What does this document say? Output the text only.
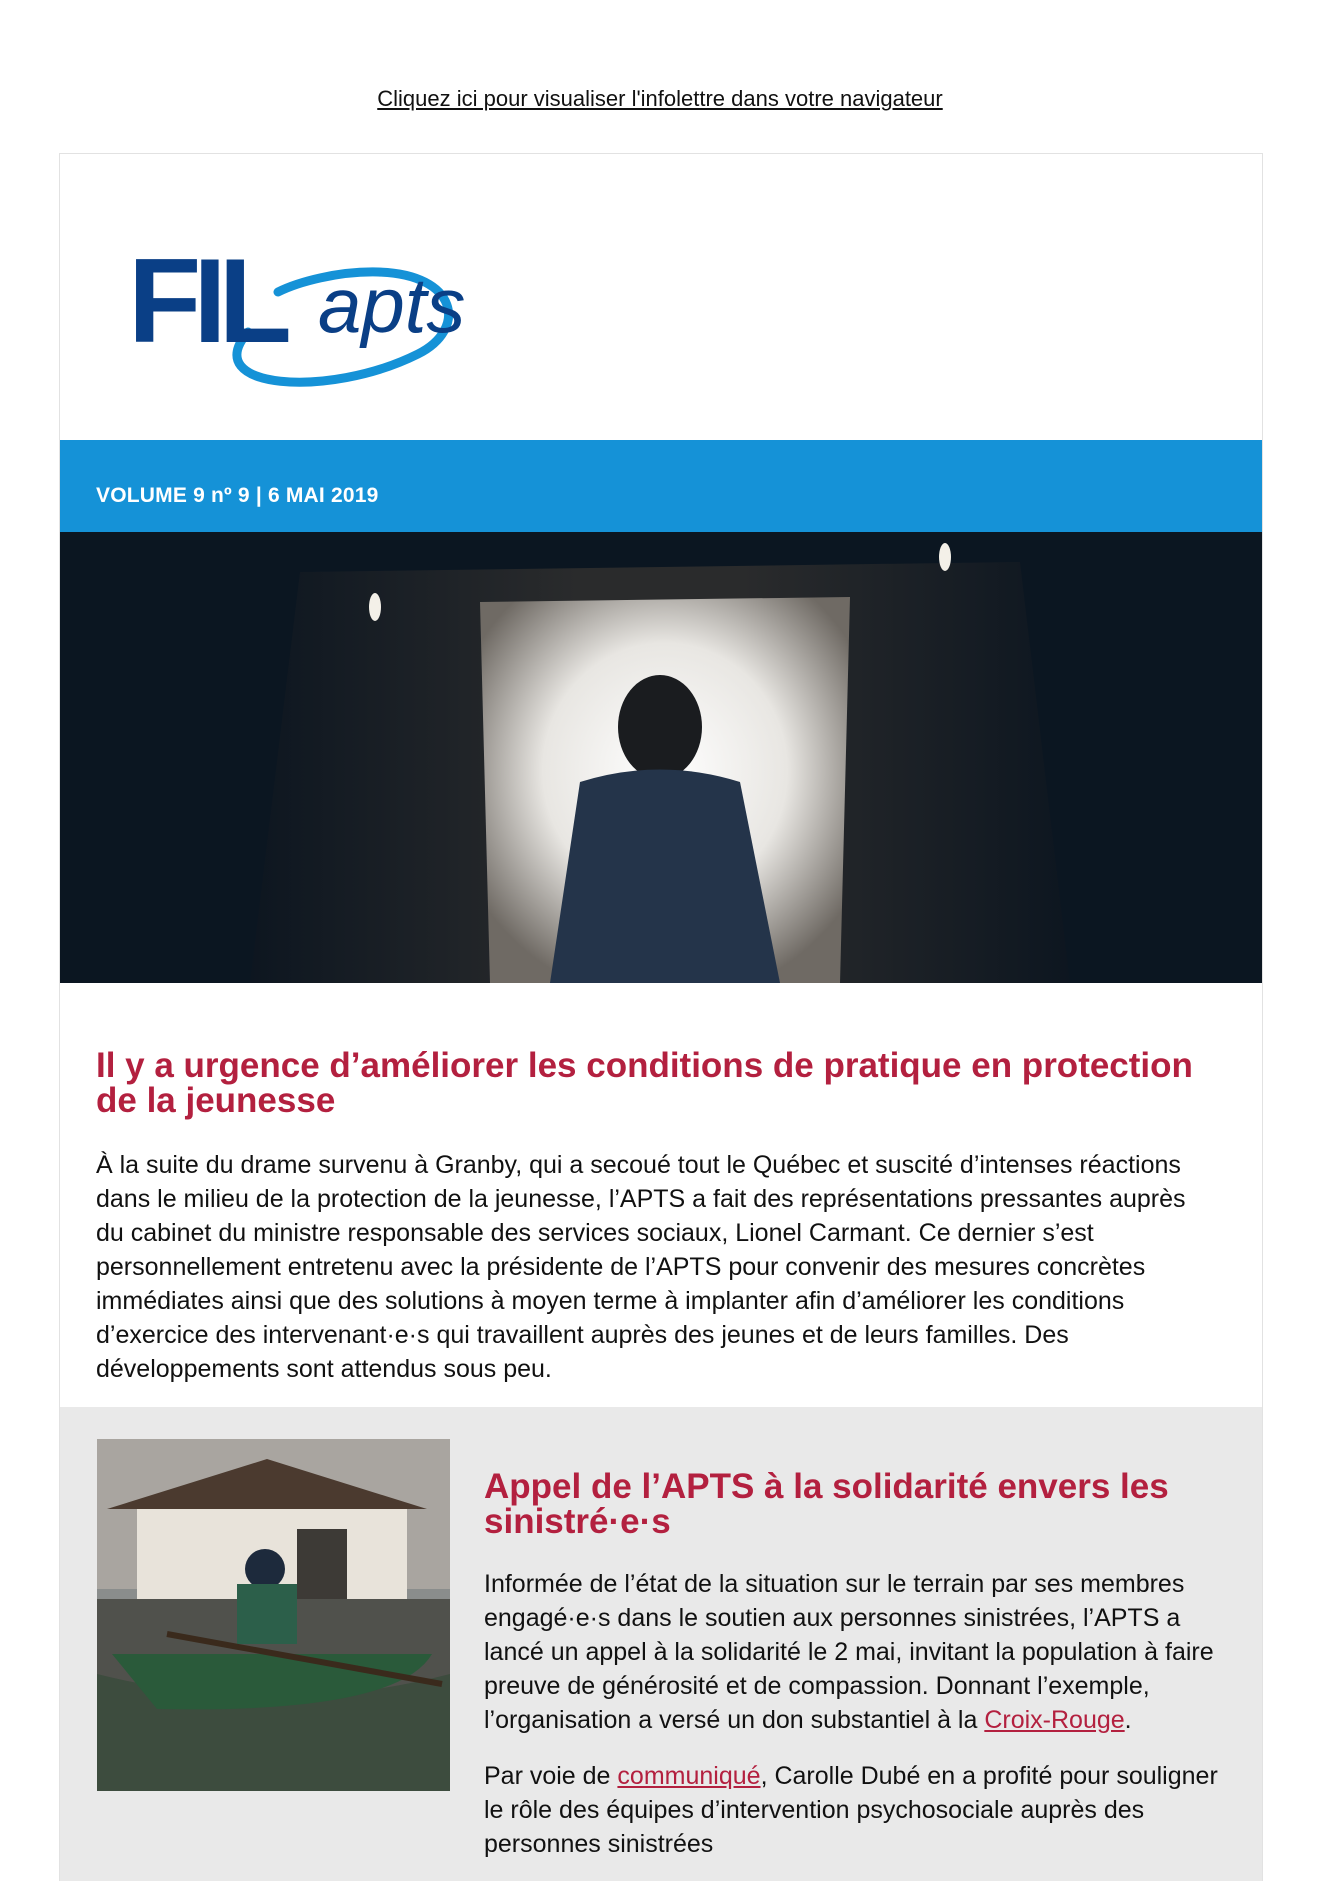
Cliquez ici pour visualiser l'infolettre dans votre navigateur
FIL apts
VOLUME 9 nº 9 | 6 MAI 2019
Il y a urgence d’améliorer les conditions de pratique en protection de la jeunesse

À la suite du drame survenu à Granby, qui a secoué tout le Québec et suscité d’intenses réactions dans le milieu de la protection de la jeunesse, l’APTS a fait des représentations pressantes auprès du cabinet du ministre responsable des services sociaux, Lionel Carmant. Ce dernier s’est personnellement entretenu avec la présidente de l’APTS pour convenir des mesures concrètes immédiates ainsi que des solutions à moyen terme à implanter afin d’améliorer les conditions d’exercice des intervenant·e·s qui travaillent auprès des jeunes et de leurs familles. Des développements sont attendus sous peu.

Appel de l’APTS à la solidarité envers les sinistré·e·s

Informée de l’état de la situation sur le terrain par ses membres engagé·e·s dans le soutien aux personnes sinistrées, l’APTS a lancé un appel à la solidarité le 2 mai, invitant la population à faire preuve de générosité et de compassion. Donnant l’exemple, l’organisation a versé un don substantiel à la Croix-Rouge.

Par voie de communiqué, Carolle Dubé en a profité pour souligner le rôle des équipes d’intervention psychosociale auprès des personnes sinistrées
